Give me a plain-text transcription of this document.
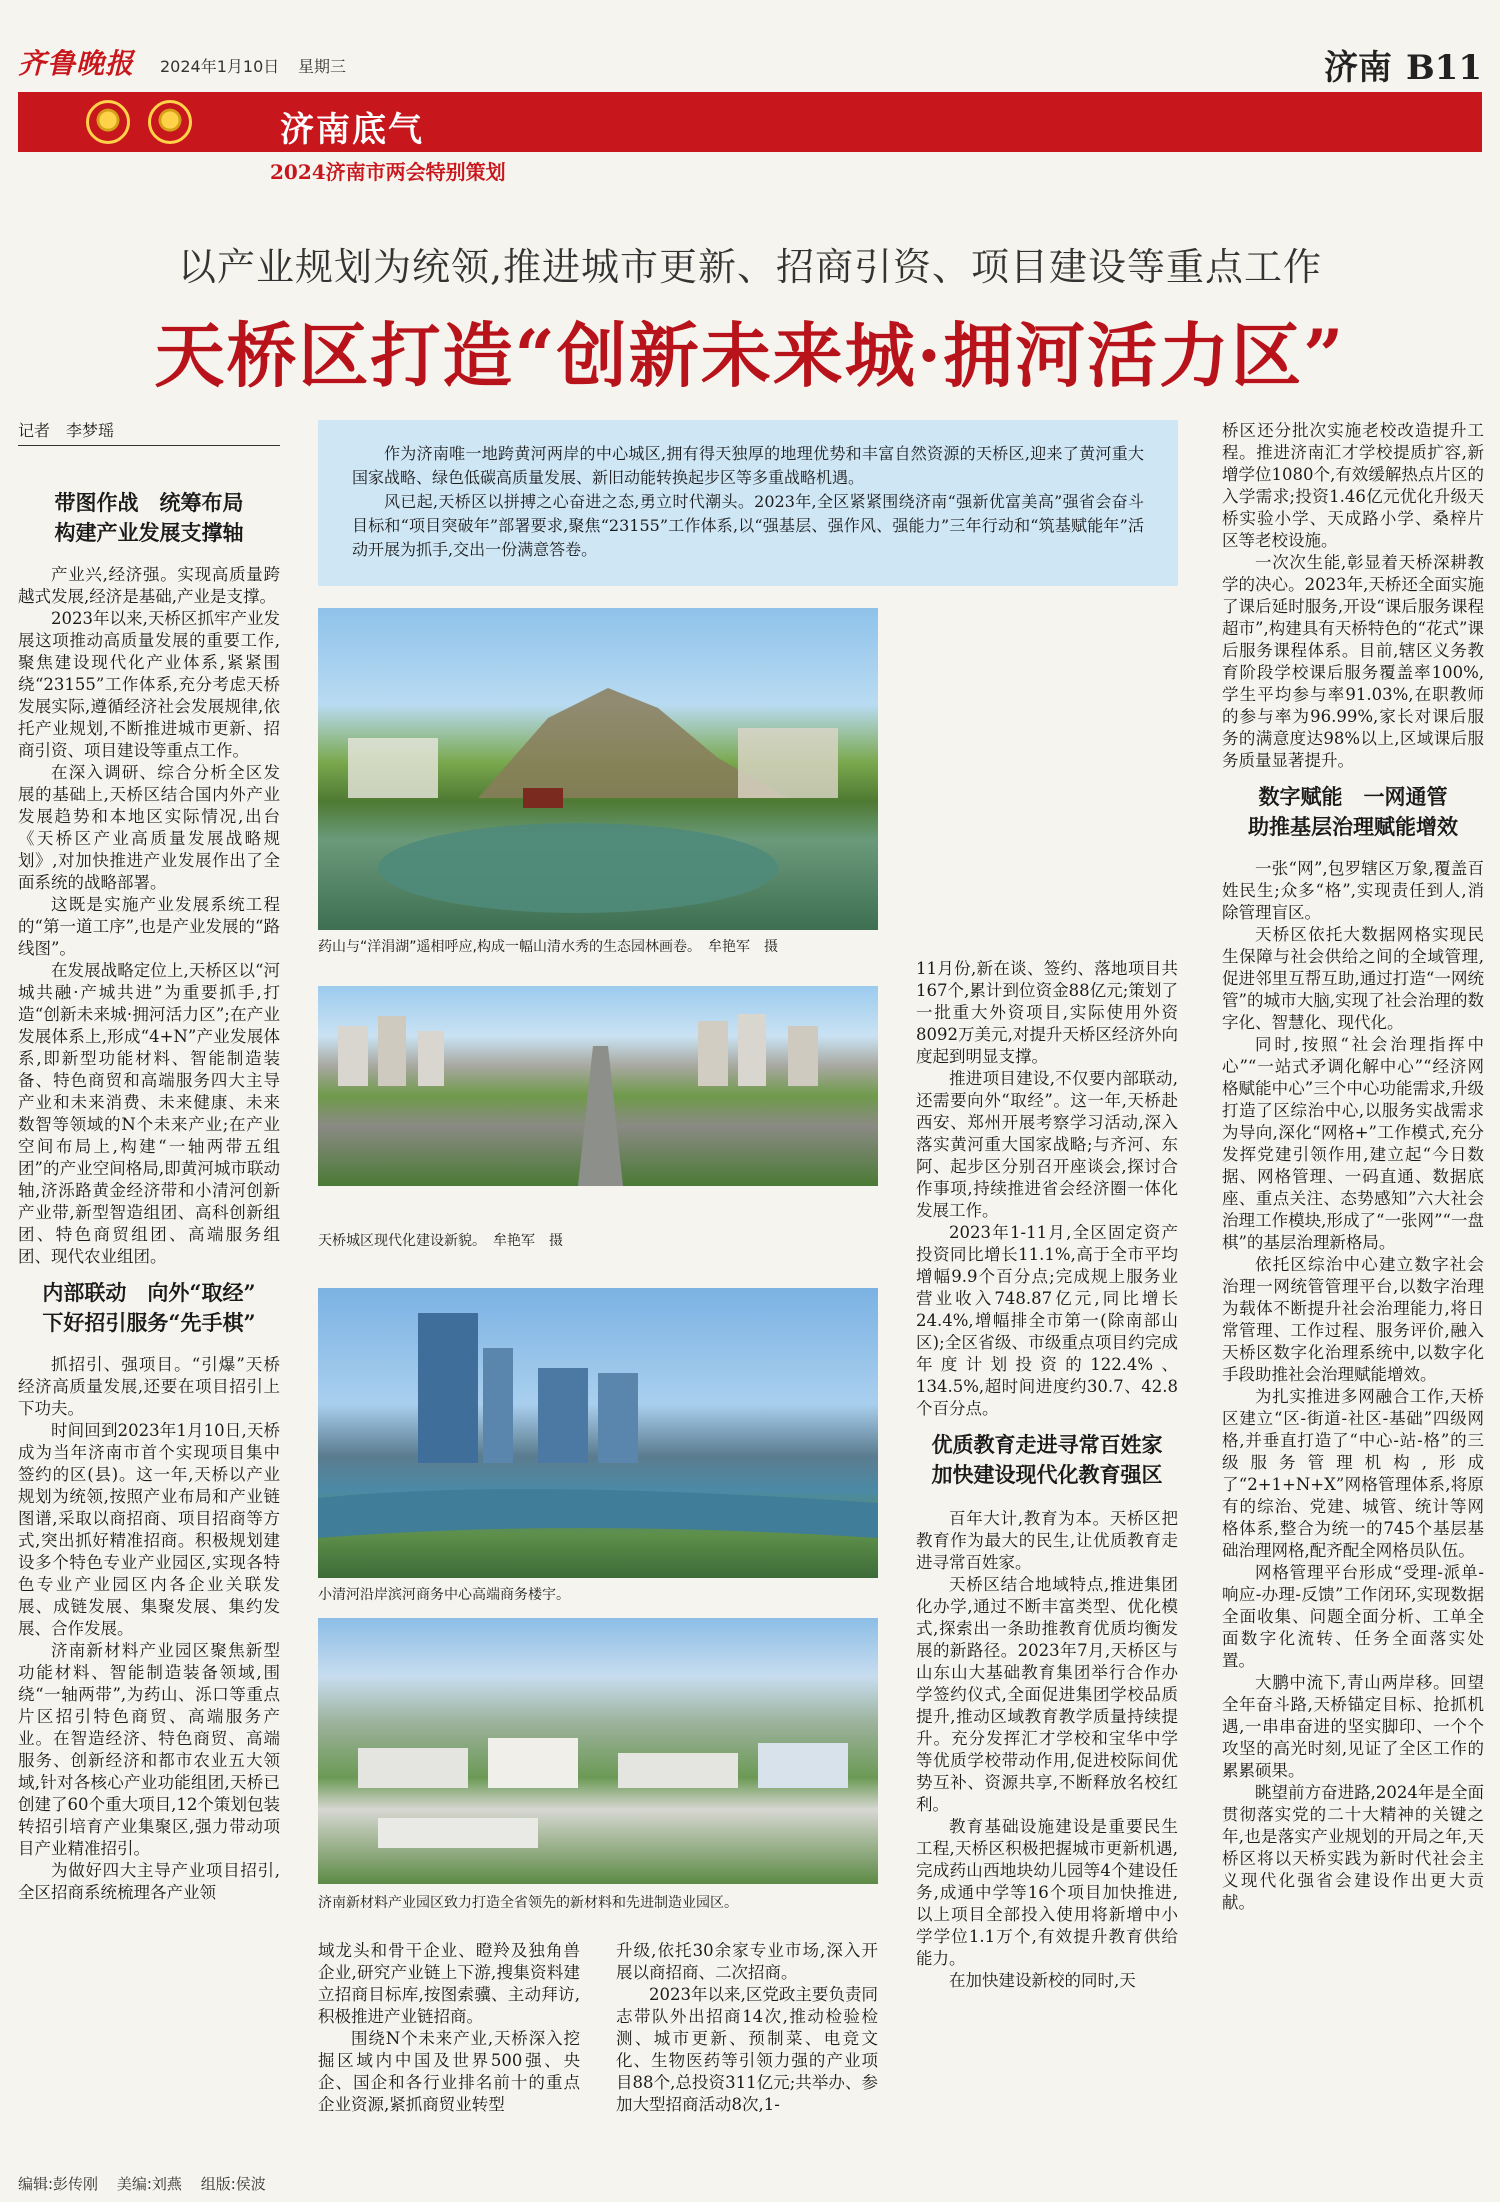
齐鲁晚报 2024年1月10日 星期三	济南 B11
济南底气
2024济南市两会特别策划
以产业规划为统领,推进城市更新、招商引资、项目建设等重点工作
天桥区打造“创新未来城·拥河活力区”
记者　李梦瑶

作为济南唯一地跨黄河两岸的中心城区,拥有得天独厚的地理优势和丰富自然资源的天桥区,迎来了黄河重大国家战略、绿色低碳高质量发展、新旧动能转换起步区等多重战略机遇。

风已起,天桥区以拼搏之心奋进之态,勇立时代潮头。2023年,全区紧紧围绕济南“强新优富美高”强省会奋斗目标和“项目突破年”部署要求,聚焦“23155”工作体系,以“强基层、强作风、强能力”三年行动和“筑基赋能年”活动开展为抓手,交出一份满意答卷。

带图作战　统筹布局
构建产业发展支撑轴

产业兴,经济强。实现高质量跨越式发展,经济是基础,产业是支撑。

2023年以来,天桥区抓牢产业发展这项推动高质量发展的重要工作,聚焦建设现代化产业体系,紧紧围绕“23155”工作体系,充分考虑天桥发展实际,遵循经济社会发展规律,依托产业规划,不断推进城市更新、招商引资、项目建设等重点工作。

在深入调研、综合分析全区发展的基础上,天桥区结合国内外产业发展趋势和本地区实际情况,出台《天桥区产业高质量发展战略规划》,对加快推进产业发展作出了全面系统的战略部署。

这既是实施产业发展系统工程的“第一道工序”,也是产业发展的“路线图”。

在发展战略定位上,天桥区以“河城共融·产城共进”为重要抓手,打造“创新未来城·拥河活力区”;在产业发展体系上,形成“4+N”产业发展体系,即新型功能材料、智能制造装备、特色商贸和高端服务四大主导产业和未来消费、未来健康、未来数智等领域的N个未来产业;在产业空间布局上,构建“一轴两带五组团”的产业空间格局,即黄河城市联动轴,济泺路黄金经济带和小清河创新产业带,新型智造组团、高科创新组团、特色商贸组团、高端服务组团、现代农业组团。

内部联动　向外“取经”
下好招引服务“先手棋”

抓招引、强项目。“引爆”天桥经济高质量发展,还要在项目招引上下功夫。

时间回到2023年1月10日,天桥成为当年济南市首个实现项目集中签约的区(县)。这一年,天桥以产业规划为统领,按照产业布局和产业链图谱,采取以商招商、项目招商等方式,突出抓好精准招商。积极规划建设多个特色专业产业园区,实现各特色专业产业园区内各企业关联发展、成链发展、集聚发展、集约发展、合作发展。

济南新材料产业园区聚焦新型功能材料、智能制造装备领域,围绕“一轴两带”,为药山、泺口等重点片区招引特色商贸、高端服务产业。在智造经济、特色商贸、高端服务、创新经济和都市农业五大领域,针对各核心产业功能组团,天桥已创建了60个重大项目,12个策划包装转招引培育产业集聚区,强力带动项目产业精准招引。

为做好四大主导产业项目招引,全区招商系统梳理各产业领

药山与“洋涓湖”遥相呼应,构成一幅山清水秀的生态园林画卷。　牟艳军　摄
天桥城区现代化建设新貌。　牟艳军　摄
小清河沿岸滨河商务中心高端商务楼宇。
济南新材料产业园区致力打造全省领先的新材料和先进制造业园区。

域龙头和骨干企业、瞪羚及独角兽企业,研究产业链上下游,搜集资料建立招商目标库,按图索骥、主动拜访,积极推进产业链招商。

围绕N个未来产业,天桥深入挖掘区域内中国及世界500强、央企、国企和各行业排名前十的重点企业资源,紧抓商贸业转型

升级,依托30余家专业市场,深入开展以商招商、二次招商。

2023年以来,区党政主要负责同志带队外出招商14次,推动检验检测、城市更新、预制菜、电竞文化、生物医药等引领力强的产业项目88个,总投资311亿元;共举办、参加大型招商活动8次,1-

11月份,新在谈、签约、落地项目共167个,累计到位资金88亿元;策划了一批重大外资项目,实际使用外资8092万美元,对提升天桥区经济外向度起到明显支撑。

推进项目建设,不仅要内部联动,还需要向外“取经”。这一年,天桥赴西安、郑州开展考察学习活动,深入落实黄河重大国家战略;与齐河、东阿、起步区分别召开座谈会,探讨合作事项,持续推进省会经济圈一体化发展工作。

2023年1-11月,全区固定资产投资同比增长11.1%,高于全市平均增幅9.9个百分点;完成规上服务业营业收入748.87亿元,同比增长24.4%,增幅排全市第一(除南部山区);全区省级、市级重点项目约完成年度计划投资的122.4%、134.5%,超时间进度约30.7、42.8个百分点。

优质教育走进寻常百姓家
加快建设现代化教育强区

百年大计,教育为本。天桥区把教育作为最大的民生,让优质教育走进寻常百姓家。

天桥区结合地域特点,推进集团化办学,通过不断丰富类型、优化模式,探索出一条助推教育优质均衡发展的新路径。2023年7月,天桥区与山东山大基础教育集团举行合作办学签约仪式,全面促进集团学校品质提升,推动区域教育教学质量持续提升。充分发挥汇才学校和宝华中学等优质学校带动作用,促进校际间优势互补、资源共享,不断释放名校红利。

教育基础设施建设是重要民生工程,天桥区积极把握城市更新机遇,完成药山西地块幼儿园等4个建设任务,成通中学等16个项目加快推进,以上项目全部投入使用将新增中小学学位1.1万个,有效提升教育供给能力。

在加快建设新校的同时,天

桥区还分批次实施老校改造提升工程。推进济南汇才学校提质扩容,新增学位1080个,有效缓解热点片区的入学需求;投资1.46亿元优化升级天桥实验小学、天成路小学、桑梓片区等老校设施。

一次次生能,彰显着天桥深耕教学的决心。2023年,天桥还全面实施了课后延时服务,开设“课后服务课程超市”,构建具有天桥特色的“花式”课后服务课程体系。目前,辖区义务教育阶段学校课后服务覆盖率100%,学生平均参与率91.03%,在职教师的参与率为96.99%,家长对课后服务的满意度达98%以上,区域课后服务质量显著提升。

数字赋能　一网通管
助推基层治理赋能增效

一张“网”,包罗辖区万象,覆盖百姓民生;众多“格”,实现责任到人,消除管理盲区。

天桥区依托大数据网格实现民生保障与社会供给之间的全域管理,促进邻里互帮互助,通过打造“一网统管”的城市大脑,实现了社会治理的数字化、智慧化、现代化。

同时,按照“社会治理指挥中心”“一站式矛调化解中心”“经济网格赋能中心”三个中心功能需求,升级打造了区综治中心,以服务实战需求为导向,深化“网格+”工作模式,充分发挥党建引领作用,建立起“今日数据、网格管理、一码直通、数据底座、重点关注、态势感知”六大社会治理工作模块,形成了“一张网”“一盘棋”的基层治理新格局。

依托区综治中心建立数字社会治理一网统管管理平台,以数字治理为载体不断提升社会治理能力,将日常管理、工作过程、服务评价,融入天桥区数字化治理系统中,以数字化手段助推社会治理赋能增效。

为扎实推进多网融合工作,天桥区建立“区-街道-社区-基础”四级网格,并垂直打造了“中心-站-格”的三级服务管理机构,形成了“2+1+N+X”网格管理体系,将原有的综治、党建、城管、统计等网格体系,整合为统一的745个基层基础治理网格,配齐配全网格员队伍。

网格管理平台形成“受理-派单-响应-办理-反馈”工作闭环,实现数据全面收集、问题全面分析、工单全面数字化流转、任务全面落实处置。

大鹏中流下,青山两岸移。回望全年奋斗路,天桥锚定目标、抢抓机遇,一串串奋进的坚实脚印、一个个攻坚的高光时刻,见证了全区工作的累累硕果。

眺望前方奋进路,2024年是全面贯彻落实党的二十大精神的关键之年,也是落实产业规划的开局之年,天桥区将以天桥实践为新时代社会主义现代化强省会建设作出更大贡献。

编辑:彭传刚 美编:刘燕 组版:侯波
